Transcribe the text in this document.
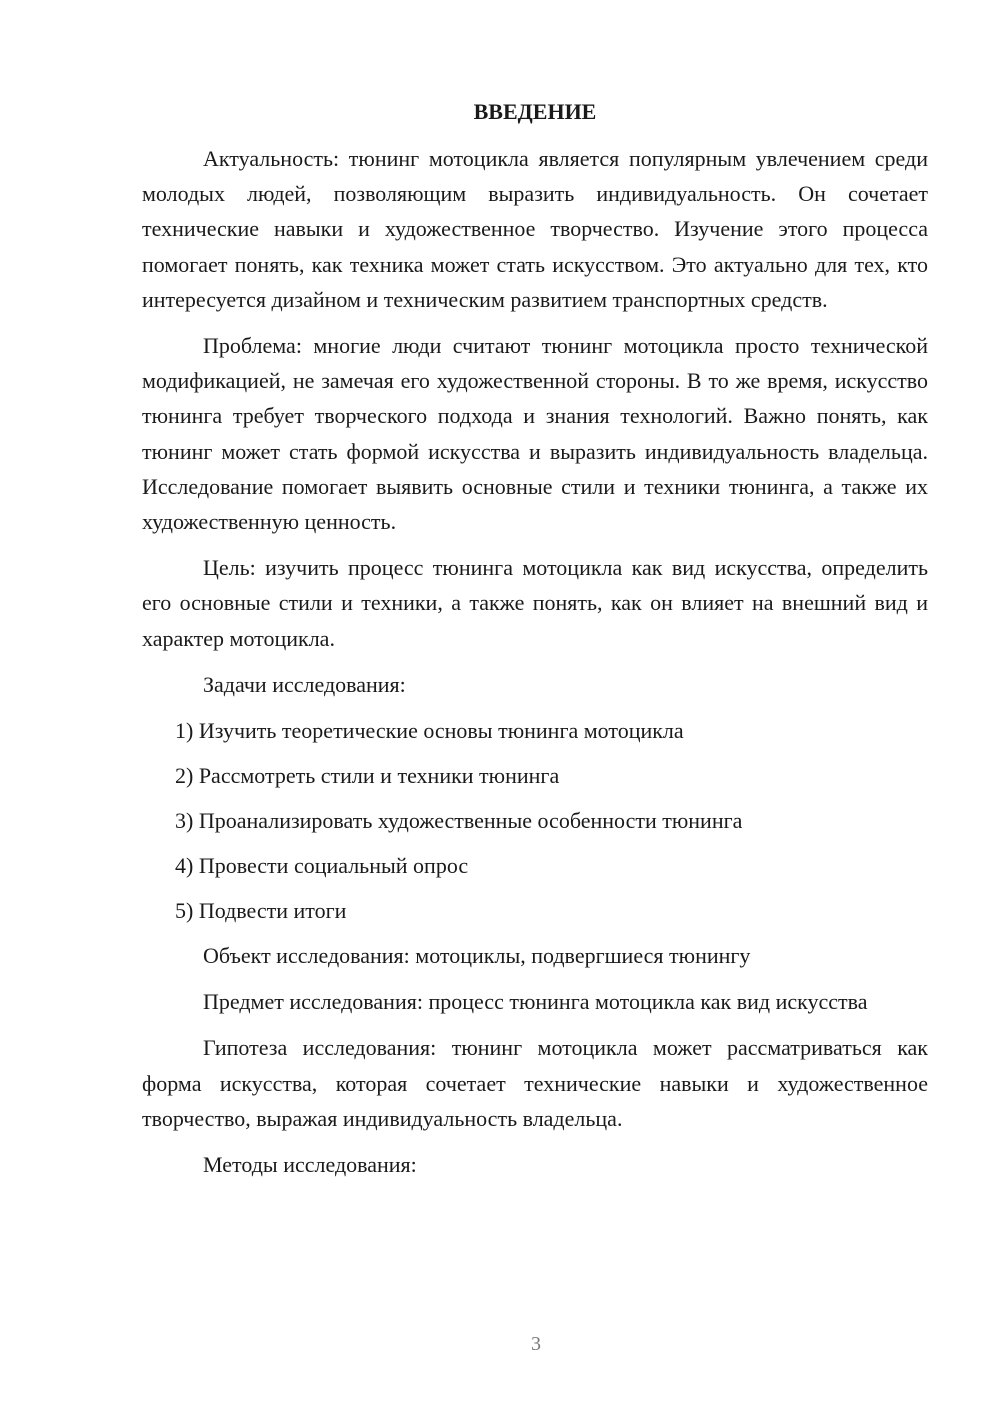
ВВЕДЕНИЕ

Актуальность: тюнинг мотоцикла является популярным увлечением среди молодых людей, позволяющим выразить индивидуальность. Он сочетает технические навыки и художественное творчество. Изучение этого процесса помогает понять, как техника может стать искусством. Это актуально для тех, кто интересуется дизайном и техническим развитием транспортных средств.

Проблема: многие люди считают тюнинг мотоцикла просто технической модификацией, не замечая его художественной стороны. В то же время, искусство тюнинга требует творческого подхода и знания технологий. Важно понять, как тюнинг может стать формой искусства и выразить индивидуальность владельца. Исследование помогает выявить основные стили и техники тюнинга, а также их художественную ценность.

Цель: изучить процесс тюнинга мотоцикла как вид искусства, определить его основные стили и техники, а также понять, как он влияет на внешний вид и характер мотоцикла.

Задачи исследования:

1) Изучить теоретические основы тюнинга мотоцикла
2) Рассмотреть стили и техники тюнинга
3) Проанализировать художественные особенности тюнинга
4) Провести социальный опрос
5) Подвести итоги

Объект исследования: мотоциклы, подвергшиеся тюнингу

Предмет исследования: процесс тюнинга мотоцикла как вид искусства

Гипотеза исследования: тюнинг мотоцикла может рассматриваться как форма искусства, которая сочетает технические навыки и художественное творчество, выражая индивидуальность владельца.

Методы исследования:

3
